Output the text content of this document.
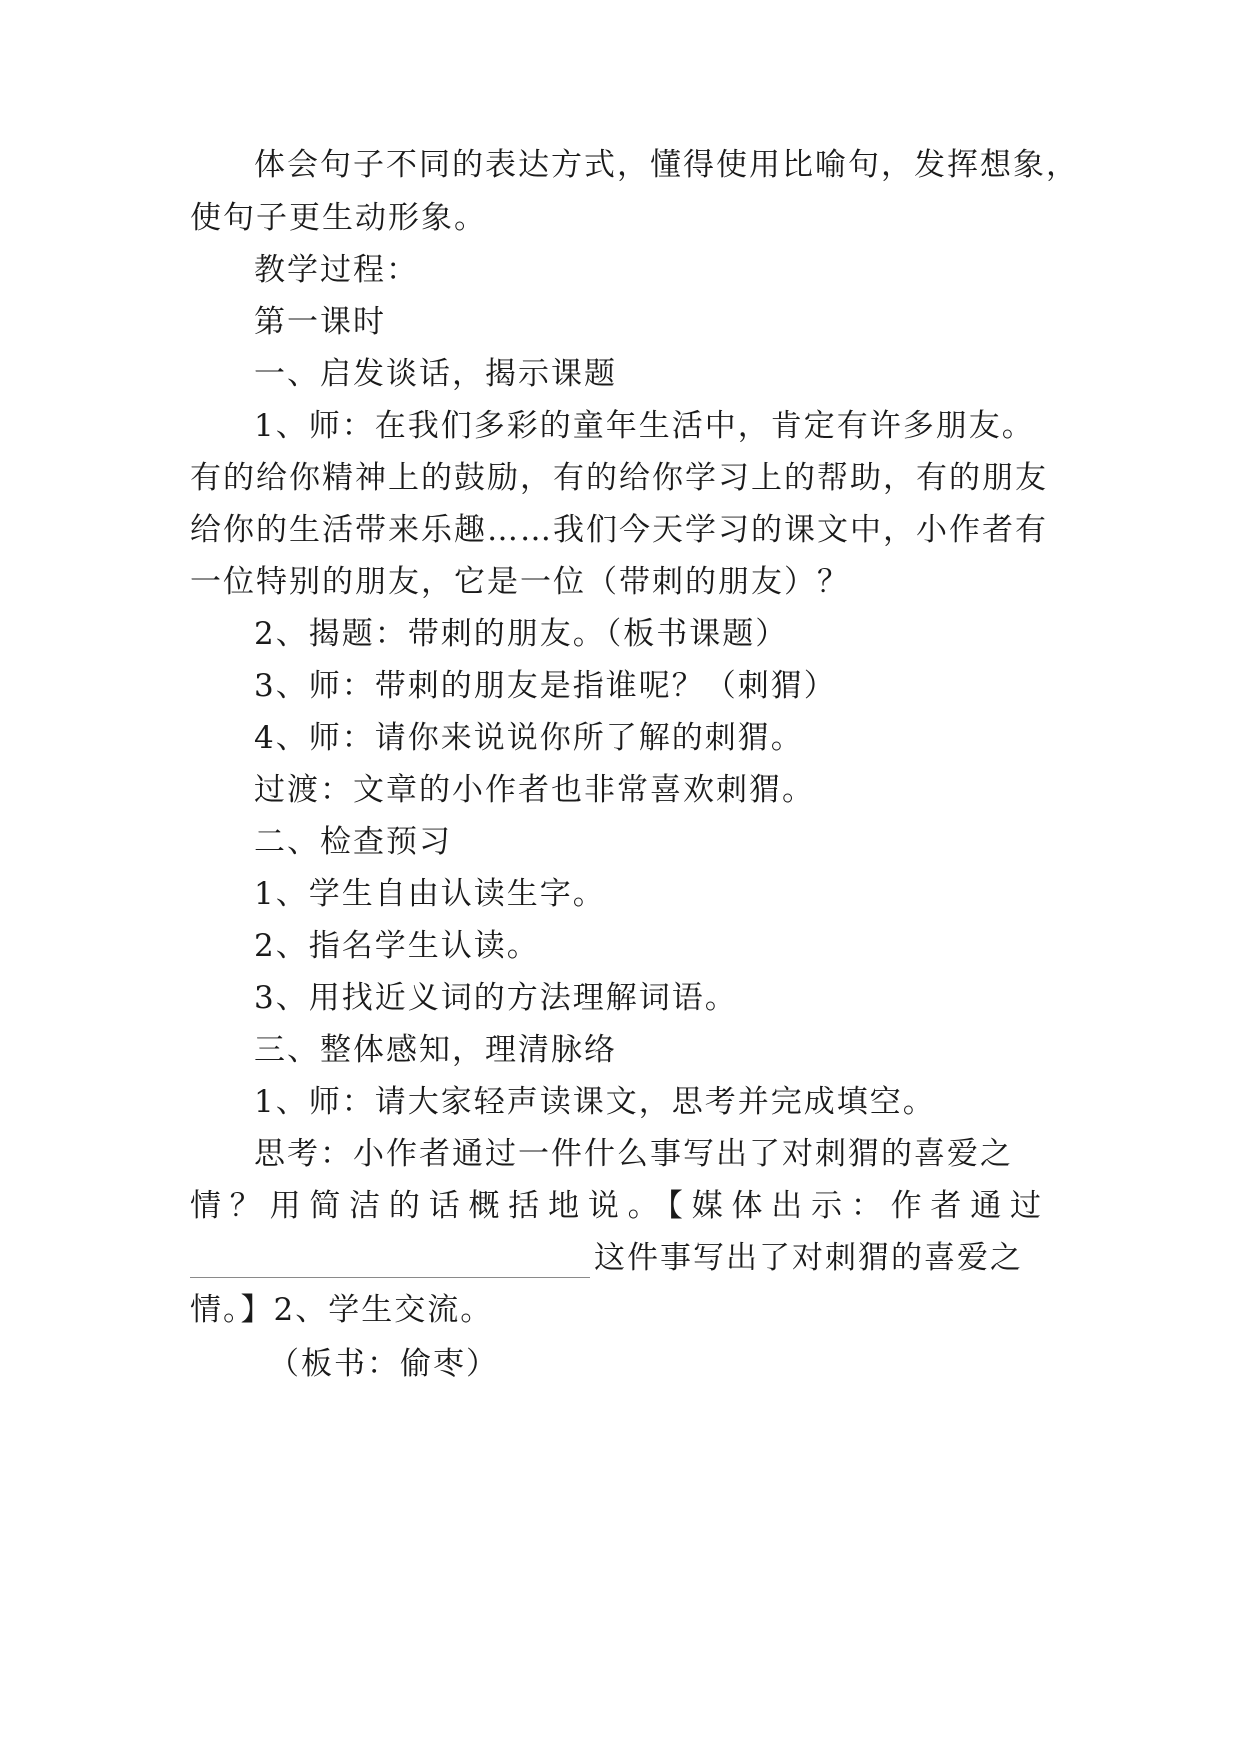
体会句子不同的表达方式，懂得使用比喻句，发挥想象，
使句子更生动形象。
教学过程：
第一课时
一、启发谈话，揭示课题
1、师：在我们多彩的童年生活中，肯定有许多朋友。
有的给你精神上的鼓励，有的给你学习上的帮助，有的朋友
给你的生活带来乐趣……我们今天学习的课文中，小作者有
一位特别的朋友，它是一位（带刺的朋友）？
2、揭题：带刺的朋友。（板书课题）
3、师：带刺的朋友是指谁呢？（刺猬）
4、师：请你来说说你所了解的刺猬。
过渡：文章的小作者也非常喜欢刺猬。
二、检查预习
1、学生自由认读生字。
2、指名学生认读。
3、用找近义词的方法理解词语。
三、整体感知，理清脉络
1、师：请大家轻声读课文，思考并完成填空。
思考：小作者通过一件什么事写出了对刺猬的喜爱之
情？用简洁的话概括地说。【媒体出示：作者通过
这件事写出了对刺猬的喜爱之
情。】2、学生交流。
（板书：偷枣）
